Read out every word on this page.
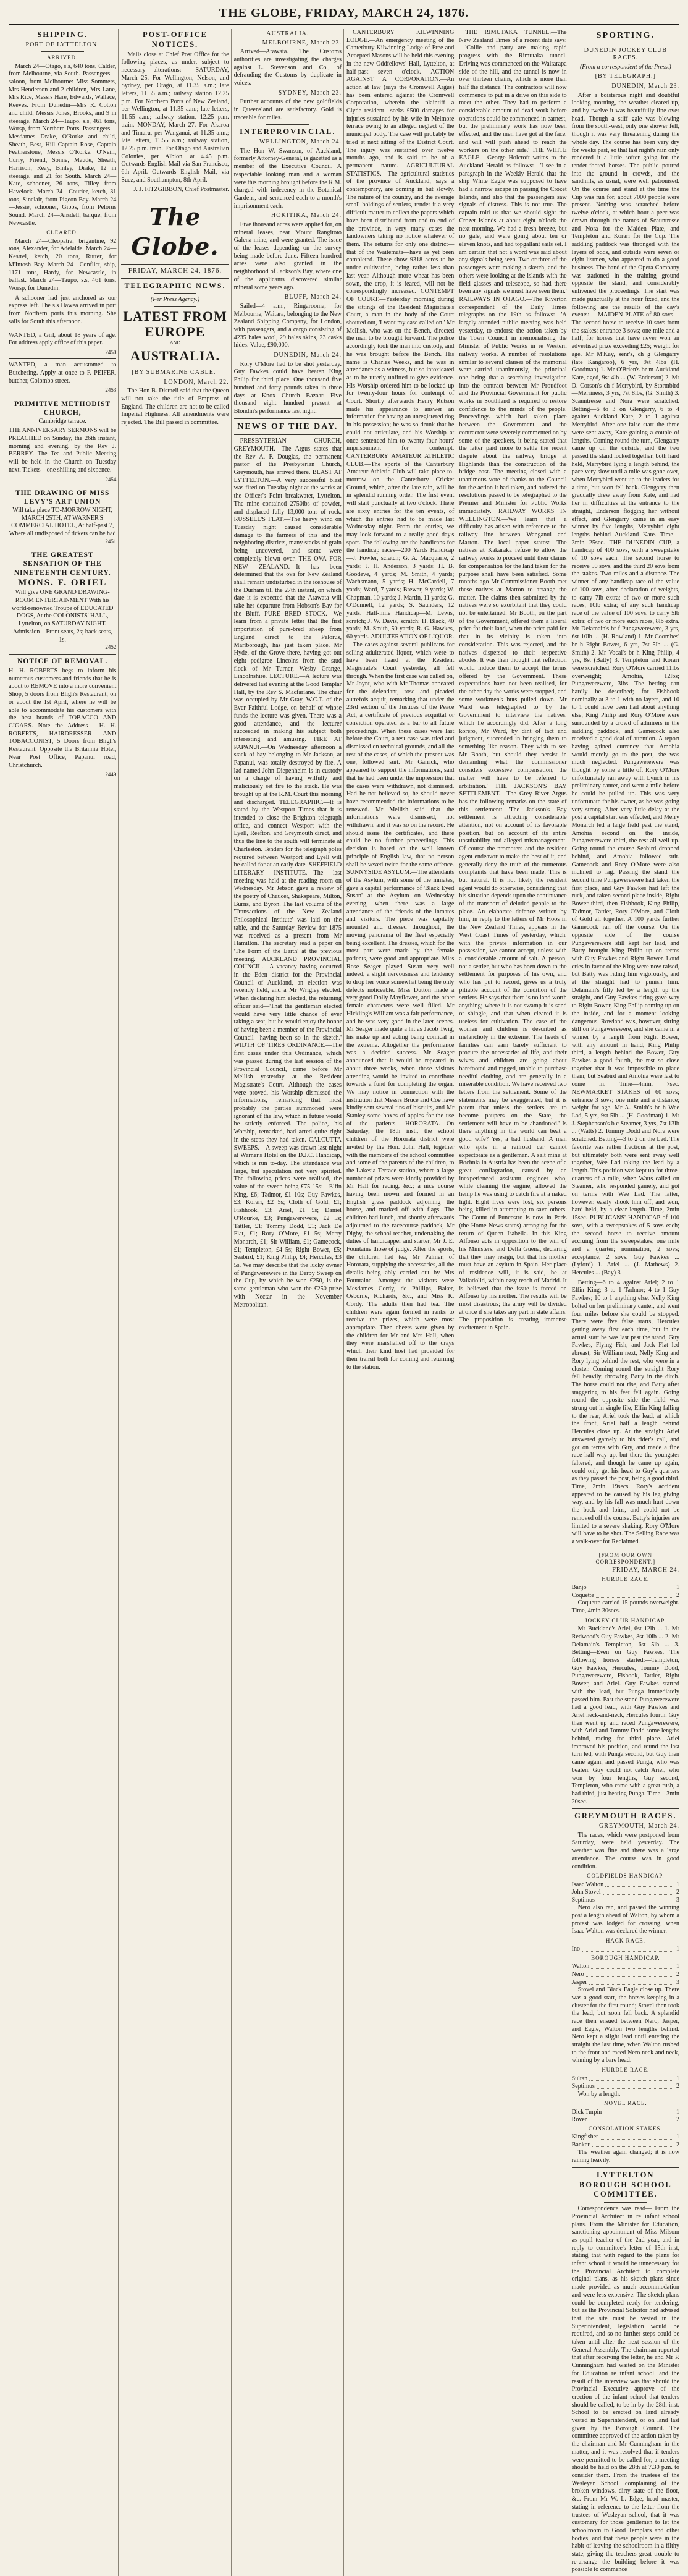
THE GLOBE, FRIDAY, MARCH 24, 1876.
SHIPPING.
PORT OF LYTTELTON.
ARRIVED.

March 24—Otago, s.s, 640 tons, Calder, from Melbourne, via South. Passengers—saloon, from Melbourne: Miss Sommers, Mrs Henderson and 2 children, Mrs Lane, Mrs Rice, Messrs Hare, Edwards, Wallace, Reeves. From Dunedin—Mrs R. Cotton and child, Messrs Jones, Brooks, and 9 in steerage. March 24—Taupo, s.s, 461 tons, Worsp, from Northern Ports. Passengers—Mesdames Drake, O'Rorke and child, Sheath, Best, Hill Captain Rose, Captain Featherstone, Messrs O'Rorke, O'Neill, Curry, Friend, Sonne, Maude, Sheath, Harrison, Reay, Binley, Drake, 12 in steerage, and 21 for South. March 24—Kate, schooner, 26 tons, Tilley from Havelock. March 24—Courier, ketch, 31 tons, Sinclair, from Pigeon Bay. March 24—Jessie, schooner, Gibbs, from Pelorus Sound. March 24—Ansdell, barque, from Newcastle.

CLEARED.

March 24—Cleopatra, brigantine, 92 tons, Alexander, for Adelaide. March 24—Kestrel, ketch, 20 tons, Rutter, for M'Intosh Bay. March 24—Conflict, ship, 1171 tons, Hardy, for Newcastle, in ballast. March 24—Taupo, s.s, 461 tons, Worsp, for Dunedin.

A schooner had just anchored as our express left. The s.s Hawea arrived in port from Northern ports this morning. She sails for South this afternoon.

WANTED, a Girl, about 18 years of age. For address apply office of this paper.

2450

WANTED, a man accustomed to Butchering. Apply at once to F. PEIFER, butcher, Colombo street.

2453
PRIMITIVE METHODIST CHURCH,
Cambridge terrace.

THE ANNIVERSARY SERMONS will be PREACHED on Sunday, the 26th instant, morning and evening, by the Rev J. BERREY. The Tea and Public Meeting will be held in the Church on Tuesday next. Tickets—one shilling and sixpence.

2454
THE DRAWING OF MISS LEVY'S ART UNION
Will take place TO-MORROW NIGHT, MARCH 25TH, AT WARNER'S COMMERCIAL HOTEL, At half-past 7, Where all undisposed of tickets can be had
2451
THE GREATEST SENSATION OF THE NINETEENTH CENTURY.
MONS. F. ORIEL
Will give ONE GRAND DRAWING-ROOM ENTERTAINMENT With his world-renowned Troupe of EDUCATED DOGS, At the COLONISTS' HALL, Lyttelton, on SATURDAY NIGHT. Admission—Front seats, 2s; back seats, 1s.
2452
NOTICE OF REMOVAL.

H. H. ROBERTS begs to inform his numerous customers and friends that he is about to REMOVE into a more convenient Shop, 5 doors from Bligh's Restaurant, on or about the 1st April, where he will be able to accommodate his customers with the best brands of TOBACCO AND CIGARS. Note the Address— H. H. ROBERTS, HAIRDRESSER AND TOBACCONIST, 5 Doors from Bligh's Restaurant, Opposite the Britannia Hotel, Near Post Office, Papanui road, Christchurch.

2449
POST-OFFICE NOTICES.

Mails close at Chief Post Office for the following places, as under, subject to necessary alterations:— SATURDAY, March 25. For Wellington, Nelson, and Sydney, per Otago, at 11.35 a.m.; late letters, 11.55 a.m.; railway station 12.25 p.m. For Northern Ports of New Zealand, per Wellington, at 11.35 a.m.; late letters, 11.55 a.m.; railway station, 12.25 p.m. train. MONDAY, March 27. For Akaroa and Timaru, per Wanganui, at 11.35 a.m.; late letters, 11.55 a.m.; railway station, 12.25 p.m. train. For Otago and Australian Colonies, per Albion, at 4.45 p.m. Outwards English Mail via San Francisco, 6th April. Outwards English Mail, via Suez, and Southampton, 8th April.

J. J. FITZGIBBON, Chief Postmaster.

The Globe.
FRIDAY, MARCH 24, 1876.
TELEGRAPHIC NEWS.
(Per Press Agency.)
LATEST FROM EUROPE
AND
AUSTRALIA.
[BY SUBMARINE CABLE.]
LONDON, March 22.

The Hon B. Disraeli said that the Queen will not take the title of Empress of England. The children are not to be called Imperial Highness. All amendments were rejected. The Bill passed in committee.

AUSTRALIA.
MELBOURNE, March 23.

Arrived—Arawata. The Customs authorities are investigating the charges against L. Stevenson and Co., of defrauding the Customs by duplicate in voices.

SYDNEY, March 23.

Further accounts of the new goldfields in Queensland are satisfactory. Gold is traceable for miles.

INTERPROVINCIAL.
WELLINGTON, March 24.

The Hon W. Swanson, of Auckland, formerly Attorney-General, is gazetted as a member of the Executive Council. A respectable looking man and a woman were this morning brought before the R.M. charged with indecency in the Botanical Gardens, and sentenced each to a month's imprisonment each.

HOKITIKA, March 24.

Five thousand acres were applied for, on mineral leases, near Mount Rangitoto Galena mine, and were granted. The issue of the leases depending on the survey being made before June. Fifteen hundred acres were also granted in the neighborhood of Jackson's Bay, where one of the applicants discovered similar mineral some years ago.

BLUFF, March 24.

Sailed—4 a.m., Ringarooma, for Melbourne; Waitara, belonging to the New Zealand Shipping Company, for London, with passengers, and a cargo consisting of 4235 bales wool, 29 bales skins, 23 casks hides. Value, £90,000.

DUNEDIN, March 24.

Rory O'More had to be shot yesterday. Guy Fawkes could have beaten King Philip for third place. One thousand five hundred and forty pounds taken in three days at Knox Church Bazaar. Five thousand eight hundred present at Blondin's performance last night.

NEWS OF THE DAY.

PRESBYTERIAN CHURCH, GREYMOUTH.—The Argus states that the Rev A. F. Douglas, the permanent pastor of the Presbyterian Church, Greymouth, has arrived there. BLAST AT LYTTELTON.—A very successful blast was fired on Tuesday night at the works at the Officer's Point breakwater, Lyttelton. The mine contained 2750lbs of powder, and displaced fully 13,000 tons of rock. RUSSELL'S FLAT.—The heavy wind on Tuesday night caused considerable damage to the farmers of this and the neighboring districts, many stacks of grain being uncovered, and some were completely blown over. THE OVA FOR NEW ZEALAND.—It has been determined that the ova for New Zealand shall remain undisturbed in the icehouse of the Durham till the 27th instant, on which date it is expected that the Arawata will take her departure from Hobson's Bay for the Bluff. PURE BRED STOCK.—We learn from a private letter that the first importation of pure-bred sheep from England direct to the Pelorus, Marlborough, has just taken place. Mr Hyde, of the Grove there, having got out eight pedigree Lincolns from the stud flock of Mr Turner, Wesby Grange, Lincolnshire. LECTURE.—A lecture was delivered last evening at the Good Templar Hall, by the Rev S. Macfarlane. The chair was occupied by Mr Gray, W.C.T. of the Ever Faithful Lodge, on behalf of whose funds the lecture was given. There was a good attendance, and the lecturer succeeded in making his subject both interesting and amusing. FIRE AT PAPANUI.—On Wednesday afternoon a stack of hay belonging to Mr Jackson, at Papanui, was totally destroyed by fire. A lad named John Diepenheim is in custody on a charge of having wilfully and maliciously set fire to the stack. He was brought up at the R.M. Court this morning and discharged. TELEGRAPHIC.—It is stated by the Westport Times that it is intended to close the Brighton telegraph office, and connect Westport with the Lyell, Reefton, and Greymouth direct, and thus the line to the south will terminate at Charleston. Tenders for the telegraph poles required between Westport and Lyell will be called for at an early date. SHEFFIELD LITERARY INSTITUTE.—The last meeting was held at the reading room on Wednesday. Mr Jebson gave a review of the poetry of Chaucer, Shakspeare, Milton, Burns, and Byron. The last volume of the 'Transactions of the New Zealand Philosophical Institute' was laid on the table, and the Saturday Review for 1875 was received as a present from Mr Hamilton. The secretary read a paper on 'The Form of the Earth' at the previous meeting. AUCKLAND PROVINCIAL COUNCIL.—A vacancy having occurred in the Eden district for the Provincial Council of Auckland, an election was recently held, and a Mr Wrigley elected. When declaring him elected, the returning officer said—'That the gentleman elected would have very little chance of ever taking a seat, but he would enjoy the honor of having been a member of the Provincial Council—having been so in the sketch.' WIDTH OF TIRES ORDINANCE.—The first cases under this Ordinance, which was passed during the last session of the Provincial Council, came before Mr Mellish yesterday at the Resident Magistrate's Court. Although the cases were proved, his Worship dismissed the informations, remarking that most probably the parties summoned were ignorant of the law, which in future would be strictly enforced. The police, his Worship, remarked, had acted quite right in the steps they had taken. CALCUTTA SWEEPS.—A sweep was drawn last night at Warner's Hotel on the D.J.C. Handicap, which is run to-day. The attendance was large, but speculation not very spirited. The following prices were realised, the value of the sweep being £75 15s:—Elfin King, £6; Tadmor, £1 10s; Guy Fawkes, £3; Korari, £2 5s; Cloth of Gold, £1; Fishhook, £3; Ariel, £1 5s; Daniel O'Rourke, £3; Pungawerewere, £2 5s; Tattler, £1; Tommy Dodd, £1; Jack De Flat, £1; Rory O'More, £1 5s; Merry Monarch, £1; Sir William, £1; Gamecock, £1; Templeton, £4 5s; Right Bower, £5; Seabird, £1; King Philip, £4; Hercules, £3 5s. We may describe that the lucky owner of Pungawerewere in the Derby Sweep on the Cup, by which he won £250, is the same gentleman who won the £250 prize with Nectar in the November Metropolitan.

CANTERBURY KILWINNING LODGE.—An emergency meeting of the Canterbury Kilwinning Lodge of Free and Accepted Masons will be held this evening in the new Oddfellows' Hall, Lyttelton, at half-past seven o'clock. ACTION AGAINST A CORPORATION.—An action at law (says the Cromwell Argus) has been entered against the Cromwell Corporation, wherein the plaintiff—a Clyde resident—seeks £500 damages for injuries sustained by his wife in Melmore terrace owing to an alleged neglect of the municipal body. The case will probably be tried at next sitting of the District Court. The injury was sustained over twelve months ago, and is said to be of a permanent nature. AGRICULTURAL STATISTICS.—The agricultural statistics of the province of Auckland, says a contemporary, are coming in but slowly. The nature of the country, and the average small holdings of settlers, render it a very difficult matter to collect the papers which have been distributed from end to end of the province, in very many cases the landowners taking no notice whatever of them. The returns for only one district—that of the Waitemata—have as yet been completed. These show 9318 acres to be under cultivation, being rather less than last year. Although more wheat has been sown, the crop, it is feared, will not be correspondingly increased. CONTEMPT OF COURT.—Yesterday morning during the sittings of the Resident Magistrate's Court, a man in the body of the Court shouted out, 'I want my case called on.' Mr Mellish, who was on the Bench, directed the man to be brought forward. The police accordingly took the man into custody, and he was brought before the Bench. His name is Charles Weeks, and he was in attendance as a witness, but so intoxicated as to be utterly unfitted to give evidence. His Worship ordered him to be locked up for twenty-four hours for contempt of Court. Shortly afterwards Henry Rutson made his appearance to answer an information for having an unregistered dog in his possession; he was so drunk that he could not articulate, and his Worship at once sentenced him to twenty-four hours' imprisonment for contempt. CANTERBURY AMATEUR ATHLETIC CLUB.—The sports of the Canterbury Amateur Athletic Club will take place to-morrow on the Canterbury Cricket Ground, which, after the late rain, will be in splendid running order. The first event will start punctually at two o'clock. There are sixty entries for the ten events, of which the entries had to be made last Wednesday night. From the entries, we may look forward to a really good day's sport. The following are the handicaps for the handicap races—200 Yards Handicap—J. Fowler, scratch; G. A. Macquarie, 2 yards; J. H. Anderson, 3 yards; H. B. Goodeve, 4 yards; M. Smith, 4 yards; Wachsmann, 5 yards; H. McCardell, 7 yards; Ward, 7 yards; Brewer, 9 yards; W. Chapman, 10 yards; J. Martin, 11 yards; G. O'Donnell, 12 yards; S. Saunders, 12 yards. Half-mile Handicap—M. Lewis, scratch; J. W. Davis, scratch; H. Black, 40 yards; M. Smith, 50 yards; R. G. Hawkes, 60 yards. ADULTERATION OF LIQUOR.—The cases against several publicans for selling adulterated liquor, which were to have been heard at the Resident Magistrate's Court yesterday, all fell through. When the first case was called on, Mr Joynt, who with Mr Thomas appeared for the defendant, rose and pleaded autrefois acquit, remarking that under the 23rd section of the Justices of the Peace Act, a certificate of previous acquittal or conviction operated as a bar to all future proceedings. When these cases were last before the Court, a test case was tried and dismissed on technical grounds, and all the rest of the cases, of which the present was one, followed suit. Mr Garrick, who appeared to support the informations, said that he had been under the impression that the cases were withdrawn, not dismissed. Had he not believed so, he should never have recommended the informations to be renewed. Mr Mellish said that the informations were dismissed, not withdrawn, and it was so on the record. He should issue the certificates, and there could be no further proceedings. This decision is based on the well known principle of English law, that no person shall be vexed twice for the same offence. SUNNYSIDE ASYLUM.—The attendants of the Asylum, with some of the inmates, gave a capital performance of 'Black Eyed Susan' at the Asylum on Wednesday evening, when there was a large attendance of the friends of the inmates and visitors. The piece was capitally mounted and dressed throughout, the moving panorama of the fleet especially being excellent. The dresses, which for the most part were made by the female patients, were good and appropriate. Miss Rose Seager played Susan very well indeed, a slight nervousness and tendency to drop her voice somewhat being the only defects noticeable. Miss Dutton made a very good Dolly Mayflower, and the other female characters were well filled. Mr Hickling's William was a fair performance, and he was very good in the later scenes. Mr Seager made quite a hit as Jacob Twig, his make up and acting being comical in the extreme. Altogether the performance was a decided success. Mr Seager announced that it would be repeated in about three weeks, when those visitors attending would be invited to contribute towards a fund for completing the organ. We may notice in connection with the institution that Messrs Bruce and Coe have kindly sent several tins of biscuits, and Mr Stanley some boxes of apples for the use of the patients. HORORATA.—On Saturday, the 18th inst., the school children of the Hororata district were invited by the Hon. John Hall, together with the members of the school committee and some of the parents of the children, to the Lakesia Terrace station, where a large number of prizes were kindly provided by Mr Hall for racing, &c.; a nice course having been mown and formed in an English grass paddock adjoining the house, and marked off with flags. The children had lunch, and shortly afterwards adjourned to the racecourse paddock, Mr Digby, the school teacher, undertaking the duties of handicapper and starter, Mr J. E. Fountaine those of judge. After the sports, the children had tea, Mr Palmer, of Hororata, supplying the necessaries, all the details being ably carried out by Mrs Fountaine. Amongst the visitors were Mesdames Cordy, de Phillips, Baker, Osborne, Richards, &c., and Miss K. Cordy. The adults then had tea. The children were again formed in ranks to receive the prizes, which were most appropriate. Then cheers were given by the children for Mr and Mrs Hall, when they were marshalled off to the drays which their kind host had provided for their transit both for coming and returning to the station.

THE RIMUTAKA TUNNEL.—The New Zealand Times of a recent date says:—'Collie and party are making rapid progress with the Rimutaka tunnel. Driving was commenced on the Wairarapa side of the hill, and the tunnel is now in over thirteen chains, which is more than half the distance. The contractors will now commence to put in a drive on this side to meet the other. They had to perform a considerable amount of dead work before operations could be commenced in earnest, but the preliminary work has now been effected, and the men have got at the face, and will will push ahead to reach the workers on the other side.' THE WHITE EAGLE.—George Holcroft writes to the Auckland Herald as follows:—'I see in a paragraph in the Weekly Herald that the ship White Eagle was supposed to have had a narrow escape in passing the Crozet Islands, and also that the passengers saw signals of distress. This is not true. The captain told us that we should sight the Crozet Islands at about eight o'clock the next morning. We had a fresh breeze, but no gale, and were going about ten or eleven knots, and had topgallant sails set. I am certain that not a word was said about any signals being seen. Two or three of the passengers were making a sketch, and the others were looking at the islands with the field glasses and telescope, so had there been any signals we must have seen them.' RAILWAYS IN OTAGO.—The Riverton correspondent of the Daily Times telegraphs on the 19th as follows:—'A largely-attended public meeting was held yesterday, to endorse the action taken by the Town Council in memorialising the Minister of Public Works in re Western railway works. A number of resolutions similar to several clauses of the memorial were carried unanimously, the principal one being that a searching investigation into the contract between Mr Proudfoot and the Provincial Government for public works in Southland is required to restore confidence to the minds of the people. Proceedings which had taken place between the Government and the contractor were severely commented on by some of the speakers, it being stated that the latter paid more to settle the recent dispute about the railway bridge at Highlands than the construction of the bridge cost. The meeting closed with a unanimous vote of thanks to the Council for the action it had taken, and ordered the resolutions passed to be telegraphed to the Premier and Minister for Public Works immediately.' RAILWAY WORKS IN WELLINGTON.—We learn that a difficulty has arisen with reference to the railway line between Wanganui and Marton. The local paper states:—'The natives at Kakaraka refuse to allow the railway works to proceed until their claims for compensation for the land taken for the purpose shall have been satisfied. Some months ago Mr Commissioner Booth met these natives at Marton to arrange the matter. The claims then submitted by the natives were so exorbitant that they could not be entertained. Mr Booth, on the part of the Government, offered them a liberal price for their land, when the price paid for that in its vicinity is taken into consideration. This was rejected, and the natives dispersed to their respective abodes. It was then thought that reflection would induce them to accept the terms offered by the Government. These expectations have not been realised, for the other day the works were stopped, and some workmen's huts pulled down. Mr Ward was telegraphed to by the Government to interview the natives, which he accordingly did. After a long korero, Mr Ward, by dint of tact and judgment, succeeded in bringing them to something like reason. They wish to see Mr Booth, but should they persist in demanding what the commissioner considers excessive compensation, the matter will have to be referred to arbitration.' THE JACKSON'S BAY SETTLEMENT.—The Grey River Argus has the following remarks on the state of this settlement:—'The Jackson's Bay settlement is attracting considerable attention, not on account of its favorable position, but on account of its entire unsuitability and alleged mismanagement. Of course the promoters and the resident agent endeavor to make the best of it, and generally deny the truth of the numerous complaints that have been made. This is but natural. It is not likely the resident agent would do otherwise, considering that his situation depends upon the continuance of the transport of deluded people to the place. An elaborate defence written by him, in reply to the letters of Mr Hoos in the New Zealand Times, appears in the West Coast Times of yesterday, which, with the private information in our possession, we cannot accept, unless with a considerable amount of salt. A person, not a settler, but who has been down to the settlement for purposes of his own, and who has put to record, gives us a truly pitiable account of the condition of the settlers. He says that there is no land worth anything; where it is not swamp it is sand or shingle, and that when cleared it is useless for cultivation. The case of the women and children is described as melancholy in the extreme. The heads of families can earn barely sufficient to procure the necessaries of life, and their wives and children are going about barefooted and ragged, unable to purchase needful clothing, and are generally in a miserable condition. We have received two letters from the settlement. Some of the statements may be exaggerated, but it is patent that unless the settlers are to become paupers on the State, the settlement will have to be abandoned.' Is there anything in the world can beat a good wife? Yes, a bad husband. A man who spits in a railroad car cannot expectorate as a gentleman. A salt mine at Bochnia in Austria has been the scene of a great conflagration, caused by an inexperienced assistant engineer who, while cleaning the engine, allowed the hemp he was using to catch fire at a naked light. Eight lives were lost, six persons being killed in attempting to save others. The Count of Puncestro is now in Paris (the Home News states) arranging for the return of Queen Isabella. In this King Alfonso acts in opposition to the will of his Ministers, and Della Guena, declaring that they may resign, but that his mother must have an asylum in Spain. Her place of residence will, it is said, be at Valladolid, within easy reach of Madrid. It is believed that the issue is forced on Alfonso by his mother. The results will be most disastrous; the army will be divided at once if she takes any part in state affairs. The proposition is creating immense excitement in Spain.

SPORTING.
DUNEDIN JOCKEY CLUB RACES.
(From a correspondent of the Press.)
[BY TELEGRAPH.]
DUNEDIN, March 23.

After a boisterous night and doubtful looking morning, the weather cleared up, and by twelve it was beautifully fine over head. Though a stiff gale was blowing from the south-west, only one shower fell, though it was very threatening during the whole day. The course has been very dry for weeks past, so that last night's rain only rendered it a little softer going for the tender-footed horses. The public poured into the ground in crowds, and the sandhills, as usual, were well patronised. On the course and stand at the time the Cup was run for, about 7000 people were present. Nothing was scratched before twelve o'clock, at which hour a peer was drawn through the names of Scauntresse and Nora for the Maiden Plate, and Templeton and Korari for the Cup. The saddling paddock was thronged with the layers of odds, and outside were seven or eight listmen, who appeared to do a good business. The band of the Opera Company was stationed in the training ground opposite the stand, and considerably enlivened the proceedings. The start was made punctually at the hour fixed, and the following are the results of the day's events:— MAIDEN PLATE of 80 sovs—The second horse to receive 10 sovs from the stakes; entrance 3 sovs; one mile and a half; for horses that have never won an advertised prize exceeding £25; weight for age. Mr M'Kay, senr's, ch g Glengarry (late Kangaroo), 6 yrs, 9st 4lbs (H. Goodman) 1. Mr O'Brien's br m Auckland Kate, aged, 9st 4lb ... (W. Enderson) 2. Mr D. Corson's ch f Merrybird, by Stormbird—Merriness, 3 yrs, 7st 8lbs, (G. Smith) 3. Scauntresse and Nora were scratched. Betting—6 to 3 on Glengarry, 6 to 4 against Auckland Kate, 2 to 1 against Merrybird. After one false start the three were sent away, Kate gaining a couple of lengths. Coming round the turn, Glengarry came up on the outside, and the two passed the stand locked together, both hard held, Merrybird lying a length behind, the pace very slow until a mile was gone over, when Merrybird went up to the leaders for a time, but soon fell back. Glengarry then gradually drew away from Kate, and had her in difficulties at the entrance to the straight, Enderson flogging her without effect, and Glengarry came in an easy winner by five lengths, Merrybird eight lengths behind Auckland Kate. Time—3min 25sec. THE DUNEDIN CUP, a handicap of 400 sovs, with a sweepstake of 10 sovs each. The second horse to receive 50 sovs, and the third 20 sovs from the stakes. Two miles and a distance. The winner of any handicap race of the value of 100 sovs, after declaration of weights, to carry 7lb extra; of two or more such races, 10lb extra; of any such handicap race of the value of 100 sovs, to carry 5lb extra; of two or more such races, 8lb extra. Mr Delamain's br f Pungawerewere, 3 yrs, 6st 10lb ... (H. Rowland) 1. Mr Coombes' br h Right Bower, 6 yrs, 7st 5lb ... (G. Smith) 2. Mr Vocal's br h King Philip, 4 yrs, 8st (Batty) 3. Templeton and Korari were scratched. Rory O'More carried 11lbs overweight; Amohia, 12lbs; Pungawerewere, 3lbs. The betting can hardly be described; for Fishhook nominally at 3 to 1 with no layers, and 10 to 1 could have been had about anything else, King Philip and Rory O'More were surrounded by a crowd of admirers in the saddling paddock, and Gamecock also received a good deal of attention. A report having gained currency that Amohia would merely go to the post, she was much neglected. Pungawerewere was thought by some a little of. Rory O'More unfortunately ran away with Lynch in his preliminary canter, and went a mile before he could be pulled up. This was very unfortunate for his owner, as he was going very strong. After very little delay at the post a capital start was effected, and Merry Monarch led a large field past the stand, Amohia second on the inside, Pungawerewere third, the rest all well up. Going round the course Seabird dropped behind, and Amohia followed suit. Gamecock and Rory O'More were also inclined to lag. Passing the stand the second time Pungawerewere had taken the first place, and Guy Fawkes had left the ruck, and taken second place inside, Right Bower third, then Fishhook, King Philip, Tadmor, Tattler, Rory O'More, and Cloth of Gold all together. A 100 yards further Gamecock ran off the course. On the opposite side of the course Pungawerewere still kept her lead, and Batty brought King Philip up on terms with Guy Fawkes and Right Bower. Loud cries in favor of the King were now raised, but Batty was riding him vigorously, and at the straight had to punish him. Delamain's filly led by a length up the straight, and Guy Fawkes tiring gave way to Right Bower, King Philip coming up on the inside, and for a moment looking dangerous. Rowland was, however, sitting still on Pungawerewere, and she came in a winner by a length from Right Bower, with any amount in hand, King Philip third, a length behind the Bower, Guy Fawkes a good fourth, the rest so close together that it was impossible to place them; but Seabird and Amohia were last to come in. Time—4min. 7sec. NEWMARKET STAKES of 60 sovs; entrance 3 sovs; one mile and a distance; weight for age. Mr A. Smith's br h Wee Lad, 5 yrs, 9st 5lb ... (H. Goodman) 1. Mr J. Stephenson's b c Steamer, 3 yrs, 7st 13lb ... (Watts) 2. Tommy Dodd and Nora were scratched. Betting—3 to 2 on the Lad. The favorite was rather fractious at the post, but ultimately both were sent away well together, Wee Lad taking the lead by a length. This position was kept up for three-quarters of a mile, when Watts called on Steamer, who responded gamely, and got on terms with Wee Lad. The latter, however, easily shook him off, and won, hard held, by a clear length. Time, 2min 15sec. PUBLICANS' HANDICAP of 100 sovs, with a sweepstakes of 5 sovs each; the second horse to receive amount accruing from the sweepstakes; one mile and a quarter; nomination, 2 sovs; acceptance, 2 sovs. Guy Fawkes ... (Lyford) 1. Ariel ... (J. Mathews) 2. Hercules ... (Bay) 3

Betting—6 to 4 against Ariel; 2 to 1 Elfin King; 3 to 1 Tadmor; 4 to 1 Guy Fawkes; 10 to 1 anything else. Nelly King bolted on her preliminary canter, and went four miles before she could be stopped. There were five false starts, Hercules getting away first each time, but in the actual start he was last past the stand, Guy Fawkes, Flying Fish, and Jack Flat led abreast, Sir William next, Nelly King and Rory lying behind the rest, who were in a cluster. Coming round the straight Rory fell heavily, throwing Batty in the ditch. The horse could not rise, and Batty after staggering to his feet fell again. Going round the opposite side the field was strung out in single file, Elfin King falling to the rear, Ariel took the lead, at which the front, Ariel half a length behind Hercules close up. At the straight Ariel answered gamely to his rider's call, and got on terms with Guy, and made a fine race half way up, but there the youngster faltered, and though he came up again, could only get his head to Guy's quarters as they passed the post, being a good third. Time, 2min 19secs. Rory's accident appeared to be caused by his leg giving way, and by his fall was much hurt down the back and loins, and could not be removed off the course. Batty's injuries are limited to a severe shaking. Rory O'More will have to be shot. The Selling Race was a walk-over for Reclaimed.

[FROM OUR OWN CORRESPONDENT.]
FRIDAY, MARCH 24.
HURDLE RACE.
Banjo	1
Coquette	2

Coquette carried 15 pounds overweight. Time, 4min 30secs.

JOCKEY CLUB HANDICAP.

Mr Buckland's Ariel, 6st 12lb ... 1. Mr Redwood's Guy Fawkes, 8st 10lb ... 2. Mr Delamain's Templeton, 6st 5lb ... 3. Betting—Even on Guy Fawkes. The following horses started:—Templeton, Guy Fawkes, Hercules, Tommy Dodd, Pungawerewere, Fishook, Tattler, Right Bower, and Ariel. Guy Fawkes started with the lead, but Punga immediately passed him. Past the stand Pungawerewere had a good lead, with Guy Fawkes and Ariel neck-and-neck, Hercules fourth. Guy then went up and raced Pungawerewere, with Ariel and Tommy Dodd some lengths behind, racing for third place. Ariel improved his position, and round the last turn led, with Punga second, but Guy then came again, and passed Punga, who was beaten. Guy could not catch Ariel, who won by four lengths, Guy second, Templeton, who came with a great rush, a bad third, just beating Punga. Time—3min 20sec.

GREYMOUTH RACES.
GREYMOUTH, March 24.

The races, which were postponed from Saturday, were held yesterday. The weather was fine and there was a large attendance. The course was in good condition.

GOLDFIELDS HANDICAP.
Isaac Walton	1
John Stovel	2
Septimus	3

Nero also ran, and passed the winning post a length ahead of Walton, by whom a protest was lodged for crossing, when Isaac Walton was declared the winner.

HACK RACE.
Ino	1
BOROUGH HANDICAP.
Walton	1
Nero	2
Jasper	3

Stovel and Black Eagle close up. There was a good start, the horses keeping in a cluster for the first round; Stovel then took the lead, but soon fell back. A splendid race then ensued between Nero, Jasper, and Eagle, Walton two lengths behind. Nero kept a slight lead until entering the straight the last time, when Walton rushed to the front and raced Nero neck and neck, winning by a bare head.

HURDLE RACE.
Sultan	1
Septimus	2

Won by a length.

NOVEL RACE.
Dick Turpin	1
Rover	2
CONSOLATION STAKES.
Kingfisher	1
Banker	2

The weather again changed; it is now raining heavily.

LYTTELTON BOROUGH SCHOOL COMMITTEE.

Correspondence was read— From the Provincial Architect in re infant school plans. From the Minister for Education, sanctioning appointment of Miss Milsom as pupil teacher of the 2nd year, and in reply to committee's letter of 15th inst, stating that with regard to the plans for infant school it would be unnecessary for the Provincial Architect to complete original plans, as his sketch plans since made provided as much accommodation and were less expensive. The sketch plans could be completed ready for tendering, but as the Provincial Solicitor had advised that the site must be vested in the Superintendent, legislation would be required, and so no further steps could be taken until after the next session of the General Assembly. The chairman reported that after receiving the letter, he and Mr P. Cunningham had waited on the Minister for Education re infant school, and the result of the interview was that should the Provincial Executive approve of the erection of the infant school that tenders should be called, to be in by the 28th inst. School to be erected on land already vested in Superintendent, or on land last given by the Borough Council. The committee approved of the action taken by the chairman and Mr Cunningham in the matter, and it was resolved that if tenders were permitted to be called for, a meeting should be held on the 28th at 7.30 p.m. to consider them. From the trustees of the Wesleyan School, complaining of the broken windows, dirty state of the floor, &c. From Mr W. L. Edge, head master, stating in reference to the letter from the trustees of Wesleyan school, that it was customary for those gentlemen to let the schoolroom to Good Templars and other bodies, and that these people were in the habit of leaving the schoolroom in a filthy state, giving the teachers great trouble to re-arrange the building before it was possible to commence
